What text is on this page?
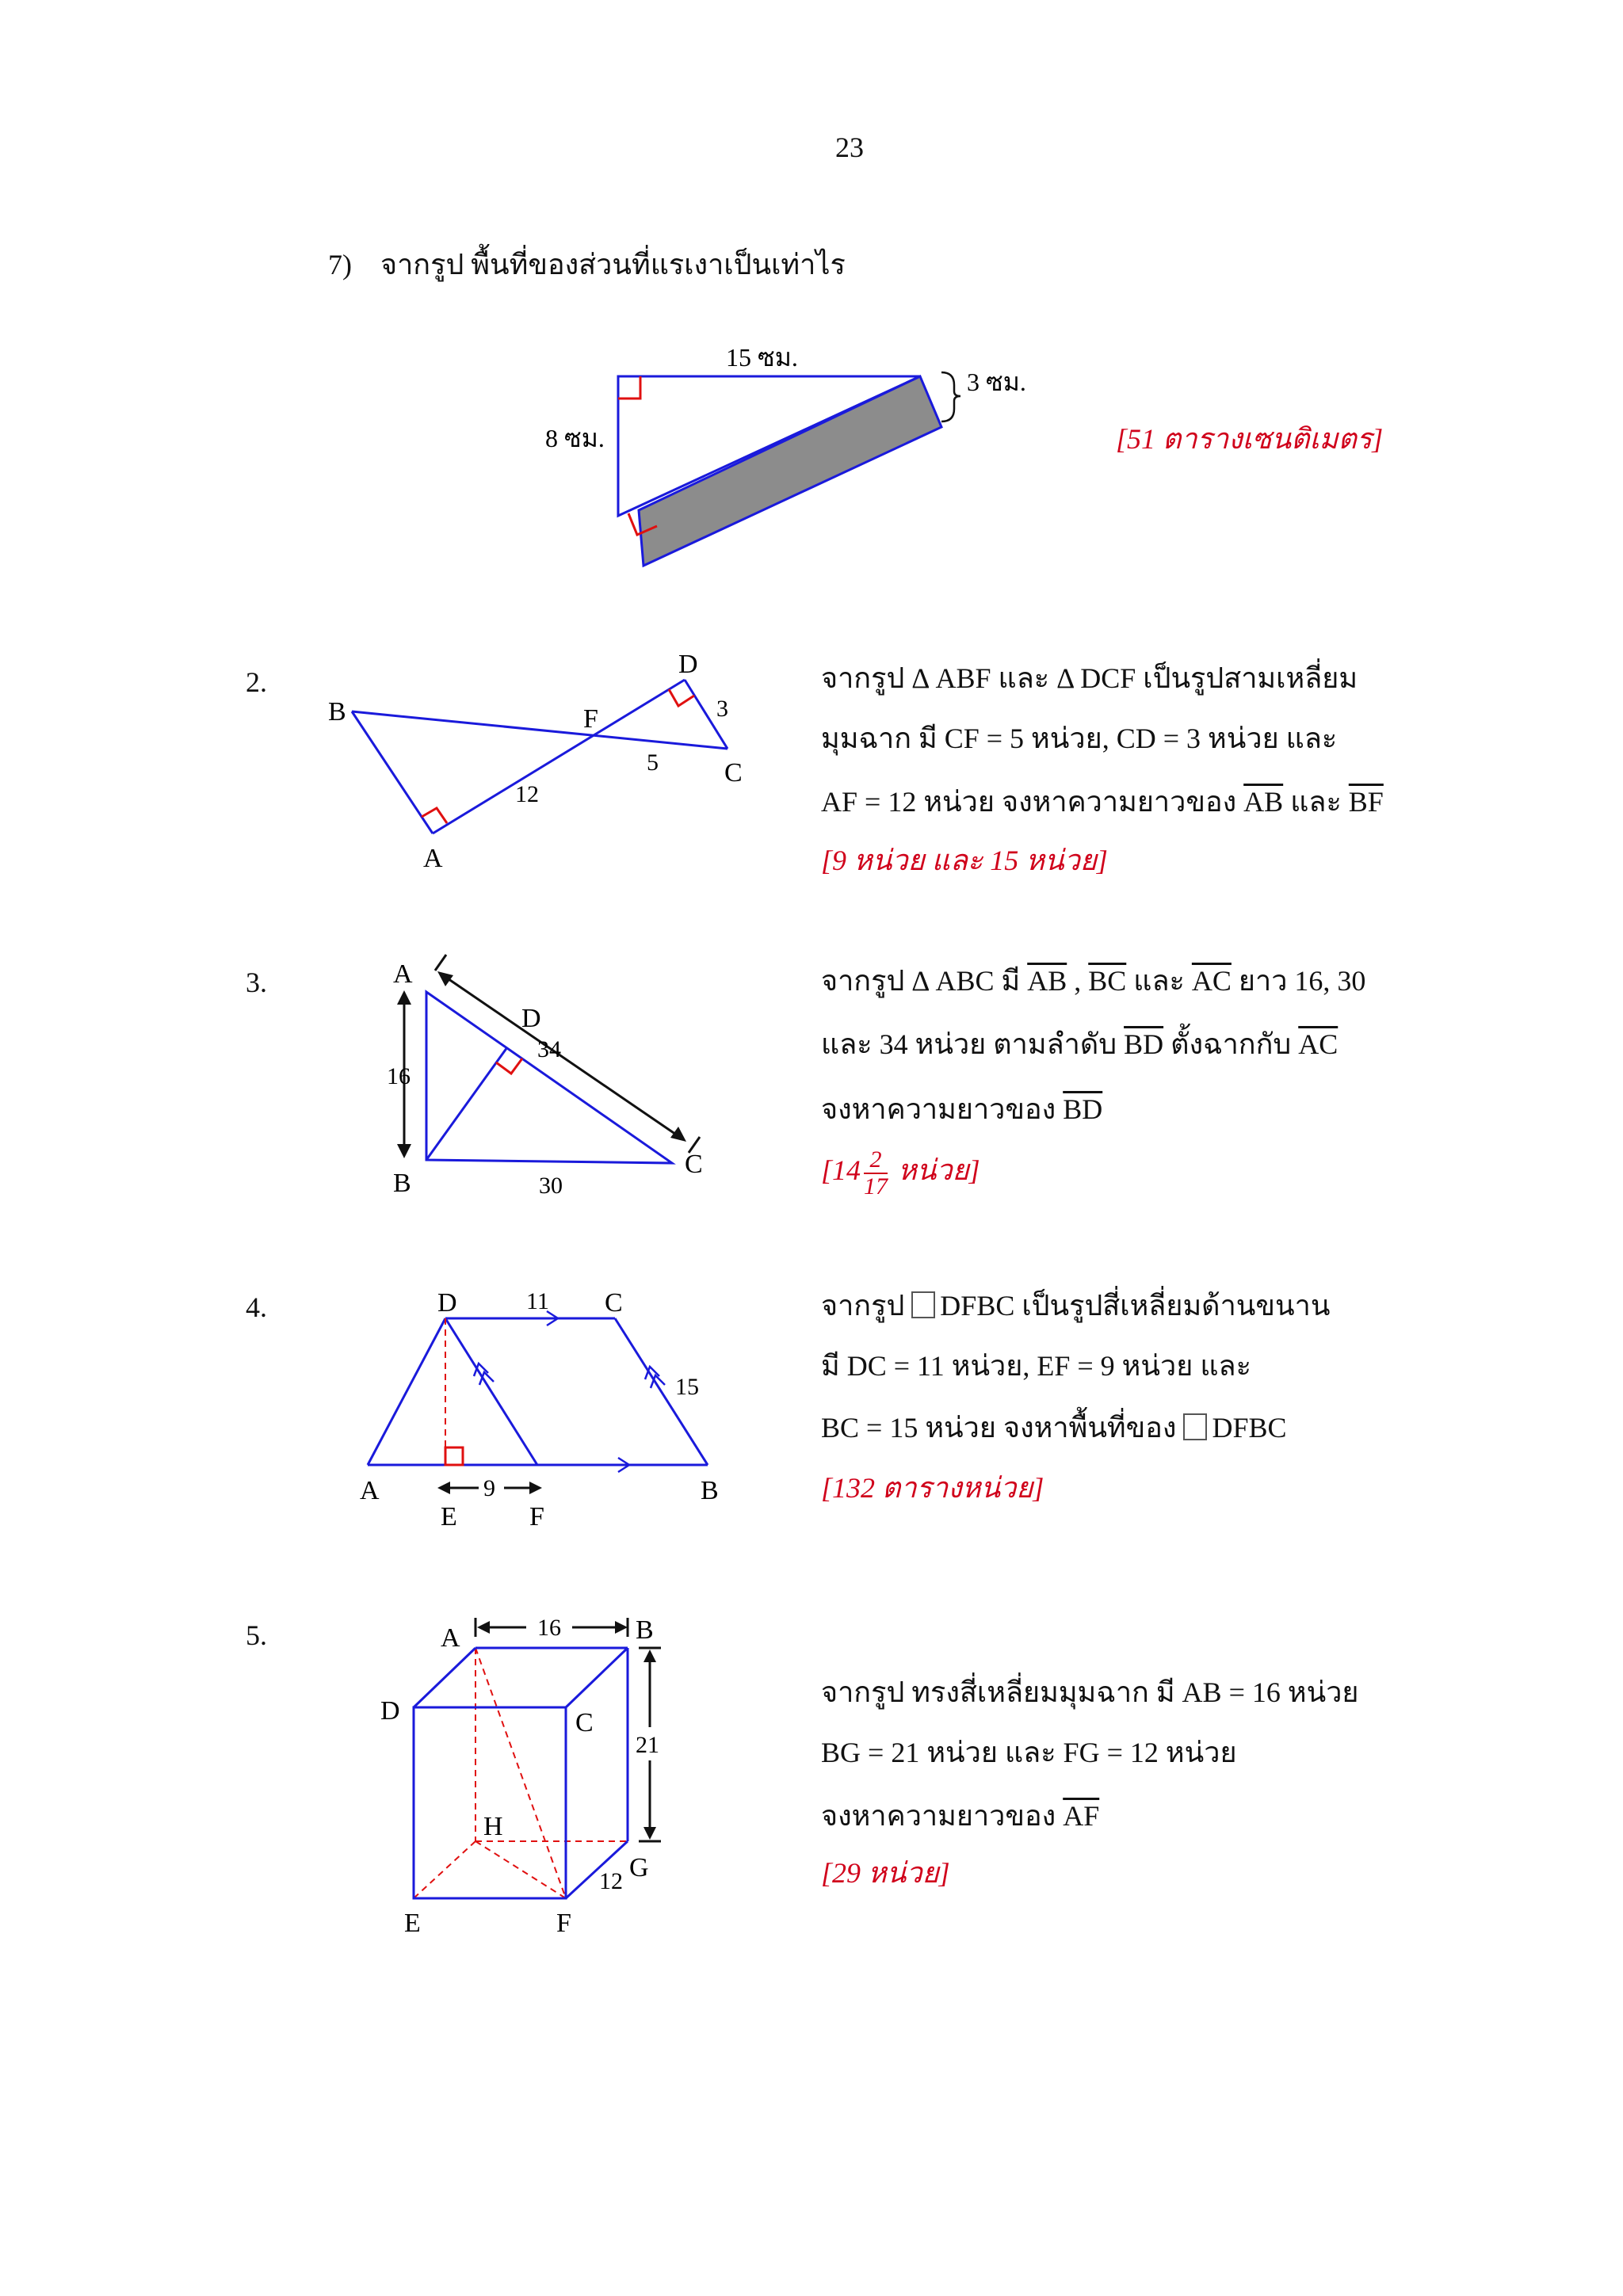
23
7) จากรูป พื้นที่ของส่วนที่แรเงาเป็นเท่าไร
15 ซม.
8 ซม.
3 ซม.
[51 ตารางเซนติเมตร]
2.
B
A
F
D
C
12
5
3
จากรูป Δ ABF และ Δ DCF เป็นรูปสามเหลี่ยม
มุมฉาก มี CF = 5 หน่วย, CD = 3 หน่วย และ
AF = 12 หน่วย จงหาความยาวของ $\overline{AB}$ และ $\overline{BF}$
[9 หน่วย และ 15 หน่วย]
3.	A
B
C
D
16
30
34
จากรูป Δ ABC มี $\overline{AB}$ , $\overline{BC}$ และ $\overline{AC}$ ยาว 16, 30
และ 34 หน่วย ตามลำดับ $\overline{BD}$ ตั้งฉากกับ $\overline{AC}$
จงหาความยาวของ $\overline{BD}$
[$14 \frac{2}{17}$ หน่วย]
4.	D	C
A	B
E	F
11
9
15
จากรูป DFBC เป็นรูปสี่เหลี่ยมด้านขนาน
มี DC = 11 หน่วย, EF = 9 หน่วย และ
BC = 15 หน่วย จงหาพื้นที่ของ DFBC
[132 ตารางหน่วย]
5.	A	B
C
D
E	F
G
H
16
21
12
จากรูป ทรงสี่เหลี่ยมมุมฉาก มี AB = 16 หน่วย
BG = 21 หน่วย และ FG = 12 หน่วย
จงหาความยาวของ $\overline{AF}$
[29 หน่วย]
